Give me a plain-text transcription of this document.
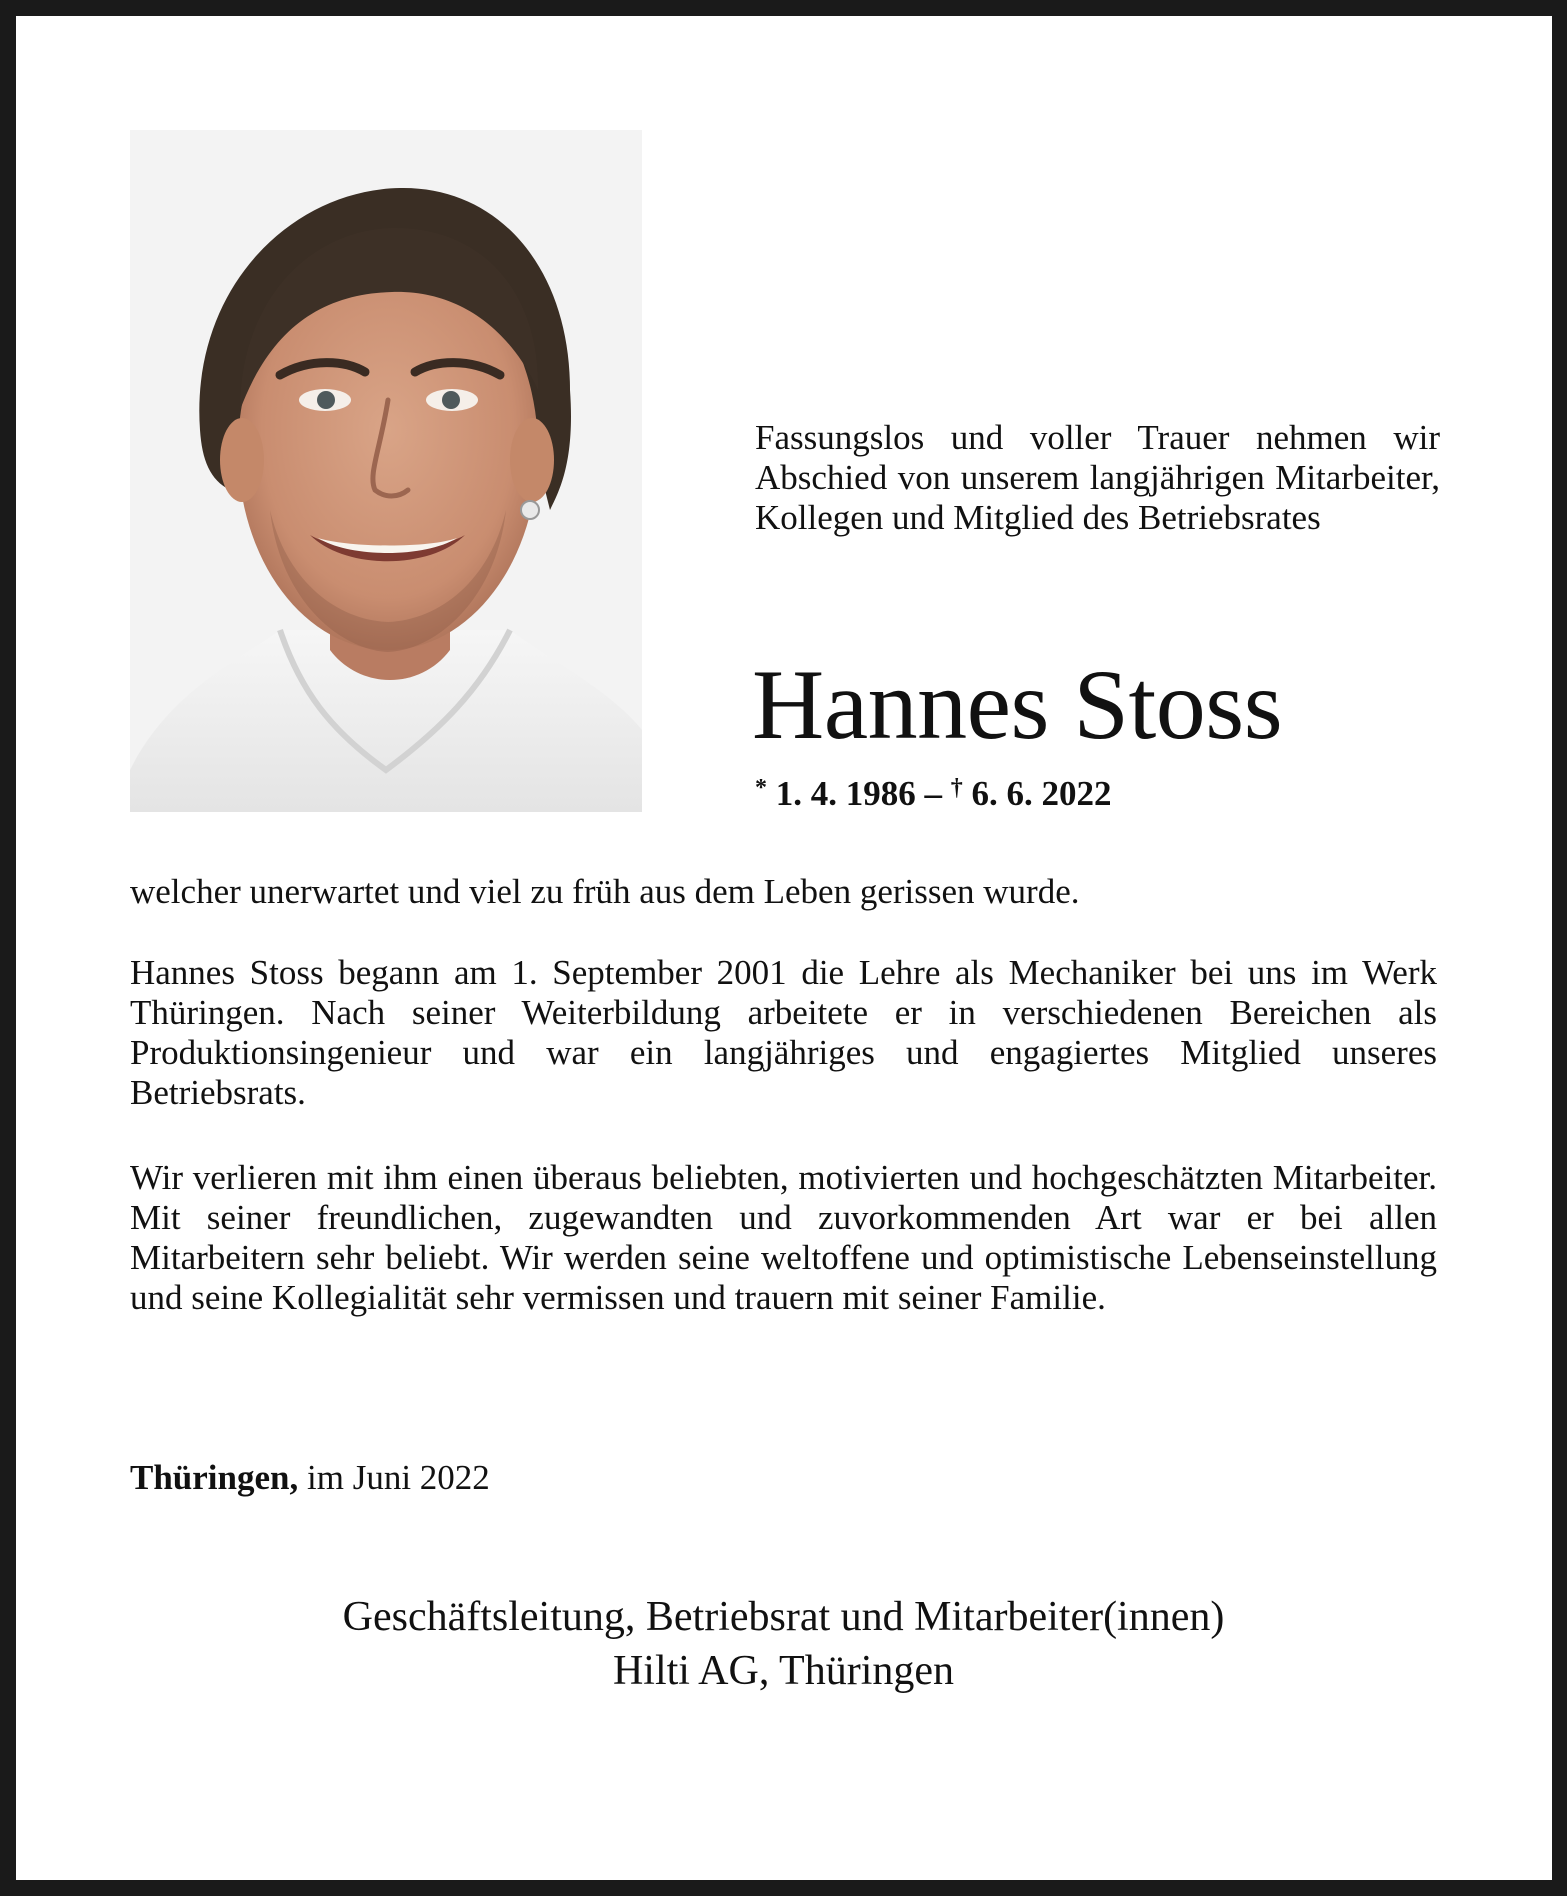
Fassungslos und voller Trauer nehmen wir Abschied von unserem langjährigen Mitarbeiter, Kollegen und Mitglied des Betriebsrates
Hannes Stoss
* 1. 4. 1986 – † 6. 6. 2022

welcher unerwartet und viel zu früh aus dem Leben gerissen wurde.

Hannes Stoss begann am 1. September 2001 die Lehre als Mechaniker bei uns im Werk Thüringen. Nach seiner Weiterbildung arbeitete er in verschiedenen Bereichen als Produktionsingenieur und war ein langjähriges und engagiertes Mitglied unseres Betriebsrats.

Wir verlieren mit ihm einen überaus beliebten, motivierten und hochgeschätzten Mitarbeiter. Mit seiner freundlichen, zugewandten und zuvorkommenden Art war er bei allen Mitarbeitern sehr beliebt. Wir werden seine weltoffene und optimistische Lebenseinstellung und seine Kollegialität sehr vermissen und trauern mit seiner Familie.

Thüringen, im Juni 2022
Geschäftsleitung, Betriebsrat und Mitarbeiter(innen)
Hilti AG, Thüringen
